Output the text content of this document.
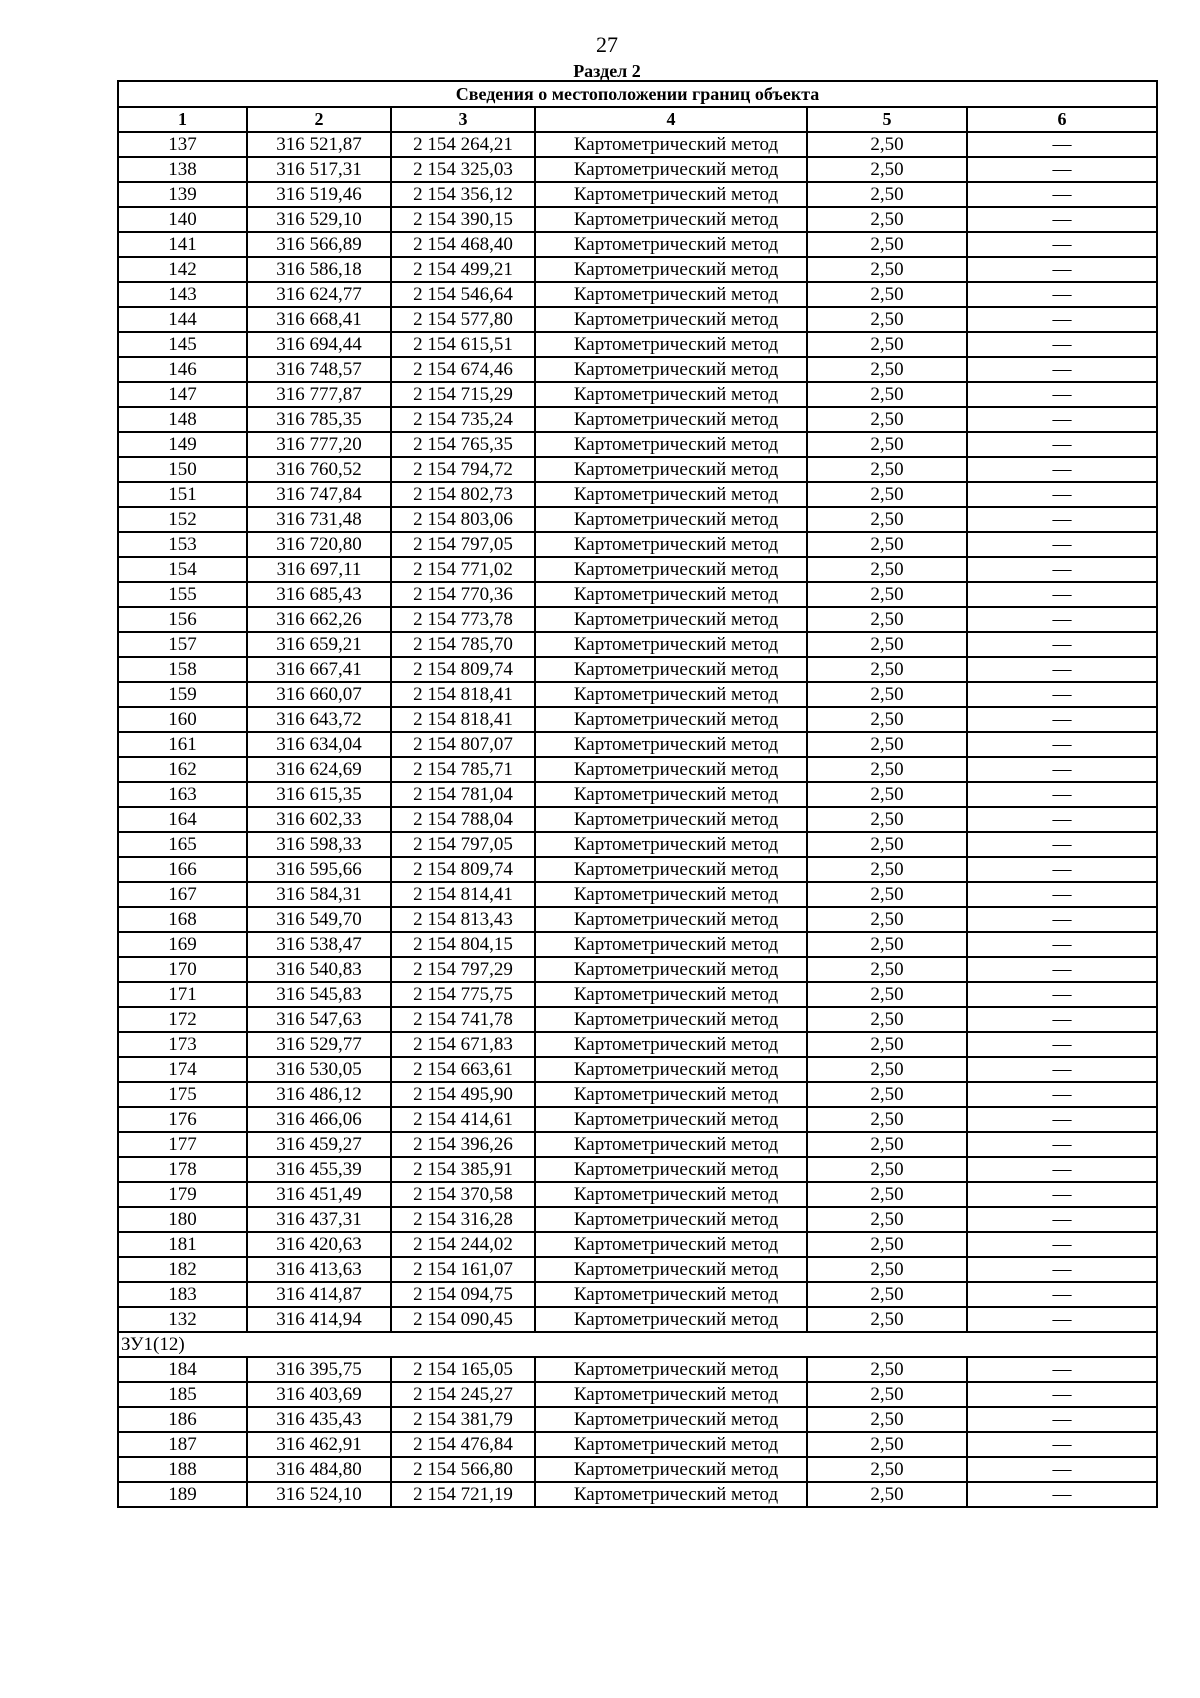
27
Раздел 2
Сведения о местоположении границ объекта					
1	2	3	4	5	6
137	316 521,87	2 154 264,21	Картометрический метод	2,50	—
138	316 517,31	2 154 325,03	Картометрический метод	2,50	—
139	316 519,46	2 154 356,12	Картометрический метод	2,50	—
140	316 529,10	2 154 390,15	Картометрический метод	2,50	—
141	316 566,89	2 154 468,40	Картометрический метод	2,50	—
142	316 586,18	2 154 499,21	Картометрический метод	2,50	—
143	316 624,77	2 154 546,64	Картометрический метод	2,50	—
144	316 668,41	2 154 577,80	Картометрический метод	2,50	—
145	316 694,44	2 154 615,51	Картометрический метод	2,50	—
146	316 748,57	2 154 674,46	Картометрический метод	2,50	—
147	316 777,87	2 154 715,29	Картометрический метод	2,50	—
148	316 785,35	2 154 735,24	Картометрический метод	2,50	—
149	316 777,20	2 154 765,35	Картометрический метод	2,50	—
150	316 760,52	2 154 794,72	Картометрический метод	2,50	—
151	316 747,84	2 154 802,73	Картометрический метод	2,50	—
152	316 731,48	2 154 803,06	Картометрический метод	2,50	—
153	316 720,80	2 154 797,05	Картометрический метод	2,50	—
154	316 697,11	2 154 771,02	Картометрический метод	2,50	—
155	316 685,43	2 154 770,36	Картометрический метод	2,50	—
156	316 662,26	2 154 773,78	Картометрический метод	2,50	—
157	316 659,21	2 154 785,70	Картометрический метод	2,50	—
158	316 667,41	2 154 809,74	Картометрический метод	2,50	—
159	316 660,07	2 154 818,41	Картометрический метод	2,50	—
160	316 643,72	2 154 818,41	Картометрический метод	2,50	—
161	316 634,04	2 154 807,07	Картометрический метод	2,50	—
162	316 624,69	2 154 785,71	Картометрический метод	2,50	—
163	316 615,35	2 154 781,04	Картометрический метод	2,50	—
164	316 602,33	2 154 788,04	Картометрический метод	2,50	—
165	316 598,33	2 154 797,05	Картометрический метод	2,50	—
166	316 595,66	2 154 809,74	Картометрический метод	2,50	—
167	316 584,31	2 154 814,41	Картометрический метод	2,50	—
168	316 549,70	2 154 813,43	Картометрический метод	2,50	—
169	316 538,47	2 154 804,15	Картометрический метод	2,50	—
170	316 540,83	2 154 797,29	Картометрический метод	2,50	—
171	316 545,83	2 154 775,75	Картометрический метод	2,50	—
172	316 547,63	2 154 741,78	Картометрический метод	2,50	—
173	316 529,77	2 154 671,83	Картометрический метод	2,50	—
174	316 530,05	2 154 663,61	Картометрический метод	2,50	—
175	316 486,12	2 154 495,90	Картометрический метод	2,50	—
176	316 466,06	2 154 414,61	Картометрический метод	2,50	—
177	316 459,27	2 154 396,26	Картометрический метод	2,50	—
178	316 455,39	2 154 385,91	Картометрический метод	2,50	—
179	316 451,49	2 154 370,58	Картометрический метод	2,50	—
180	316 437,31	2 154 316,28	Картометрический метод	2,50	—
181	316 420,63	2 154 244,02	Картометрический метод	2,50	—
182	316 413,63	2 154 161,07	Картометрический метод	2,50	—
183	316 414,87	2 154 094,75	Картометрический метод	2,50	—
132	316 414,94	2 154 090,45	Картометрический метод	2,50	—
ЗУ1(12)					
184	316 395,75	2 154 165,05	Картометрический метод	2,50	—
185	316 403,69	2 154 245,27	Картометрический метод	2,50	—
186	316 435,43	2 154 381,79	Картометрический метод	2,50	—
187	316 462,91	2 154 476,84	Картометрический метод	2,50	—
188	316 484,80	2 154 566,80	Картометрический метод	2,50	—
189	316 524,10	2 154 721,19	Картометрический метод	2,50	—
